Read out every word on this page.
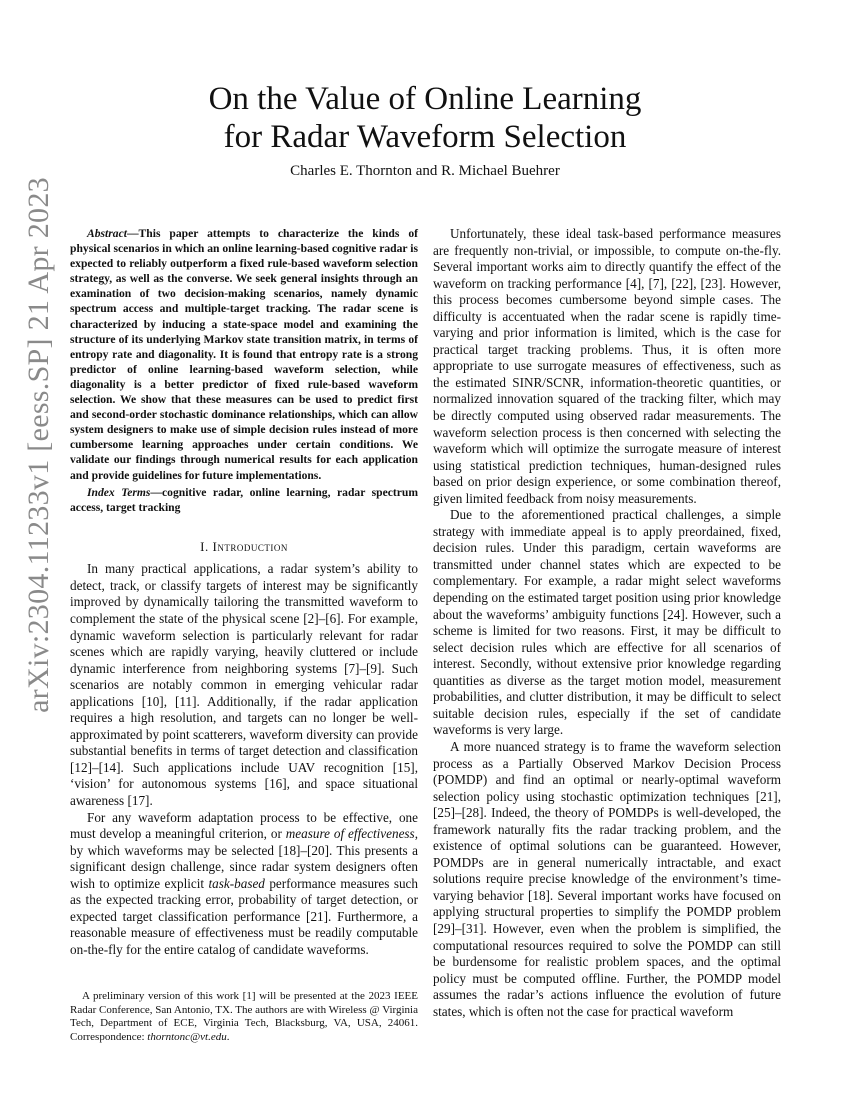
arXiv:2304.11233v1 [eess.SP] 21 Apr 2023
On the Value of Online Learning
for Radar Waveform Selection
Charles E. Thornton and R. Michael Buehrer

Abstract—This paper attempts to characterize the kinds of physical scenarios in which an online learning-based cognitive radar is expected to reliably outperform a fixed rule-based waveform selection strategy, as well as the converse. We seek general insights through an examination of two decision-making scenarios, namely dynamic spectrum access and multiple-target tracking. The radar scene is characterized by inducing a state-space model and examining the structure of its underlying Markov state transition matrix, in terms of entropy rate and diagonality. It is found that entropy rate is a strong predictor of online learning-based waveform selection, while diagonality is a better predictor of fixed rule-based waveform selection. We show that these measures can be used to predict first and second-order stochastic dominance relationships, which can allow system designers to make use of simple decision rules instead of more cumbersome learning approaches under certain conditions. We validate our findings through numerical results for each application and provide guidelines for future implementations.

Index Terms—cognitive radar, online learning, radar spectrum access, target tracking

I. Introduction

In many practical applications, a radar system’s ability to detect, track, or classify targets of interest may be significantly improved by dynamically tailoring the transmitted waveform to complement the state of the physical scene [2]–[6]. For example, dynamic waveform selection is particularly relevant for radar scenes which are rapidly varying, heavily cluttered or include dynamic interference from neighboring systems [7]–[9]. Such scenarios are notably common in emerging vehicular radar applications [10], [11]. Additionally, if the radar application requires a high resolution, and targets can no longer be well-approximated by point scatterers, waveform diversity can provide substantial benefits in terms of target detection and classification [12]–[14]. Such applications include UAV recognition [15], ‘vision’ for autonomous systems [16], and space situational awareness [17].

For any waveform adaptation process to be effective, one must develop a meaningful criterion, or measure of effectiveness, by which waveforms may be selected [18]–[20]. This presents a significant design challenge, since radar system designers often wish to optimize explicit task-based performance measures such as the expected tracking error, probability of target detection, or expected target classification performance [21]. Furthermore, a reasonable measure of effectiveness must be readily computable on-the-fly for the entire catalog of candidate waveforms.

A preliminary version of this work [1] will be presented at the 2023 IEEE Radar Conference, San Antonio, TX. The authors are with Wireless @ Virginia Tech, Department of ECE, Virginia Tech, Blacksburg, VA, USA, 24061. Correspondence: thorntonc@vt.edu.

Unfortunately, these ideal task-based performance measures are frequently non-trivial, or impossible, to compute on-the-fly. Several important works aim to directly quantify the effect of the waveform on tracking performance [4], [7], [22], [23]. However, this process becomes cumbersome beyond simple cases. The difficulty is accentuated when the radar scene is rapidly time-varying and prior information is limited, which is the case for practical target tracking problems. Thus, it is often more appropriate to use surrogate measures of effectiveness, such as the estimated SINR/SCNR, information-theoretic quantities, or normalized innovation squared of the tracking filter, which may be directly computed using observed radar measurements. The waveform selection process is then concerned with selecting the waveform which will optimize the surrogate measure of interest using statistical prediction techniques, human-designed rules based on prior design experience, or some combination thereof, given limited feedback from noisy measurements.

Due to the aforementioned practical challenges, a simple strategy with immediate appeal is to apply preordained, fixed, decision rules. Under this paradigm, certain waveforms are transmitted under channel states which are expected to be complementary. For example, a radar might select waveforms depending on the estimated target position using prior knowledge about the waveforms’ ambiguity functions [24]. However, such a scheme is limited for two reasons. First, it may be difficult to select decision rules which are effective for all scenarios of interest. Secondly, without extensive prior knowledge regarding quantities as diverse as the target motion model, measurement probabilities, and clutter distribution, it may be difficult to select suitable decision rules, especially if the set of candidate waveforms is very large.

A more nuanced strategy is to frame the waveform selection process as a Partially Observed Markov Decision Process (POMDP) and find an optimal or nearly-optimal waveform selection policy using stochastic optimization techniques [21], [25]–[28]. Indeed, the theory of POMDPs is well-developed, the framework naturally fits the radar tracking problem, and the existence of optimal solutions can be guaranteed. However, POMDPs are in general numerically intractable, and exact solutions require precise knowledge of the environment’s time-varying behavior [18]. Several important works have focused on applying structural properties to simplify the POMDP problem [29]–[31]. However, even when the problem is simplified, the computational resources required to solve the POMDP can still be burdensome for realistic problem spaces, and the optimal policy must be computed offline. Further, the POMDP model assumes the radar’s actions influence the evolution of future states, which is often not the case for practical waveform
